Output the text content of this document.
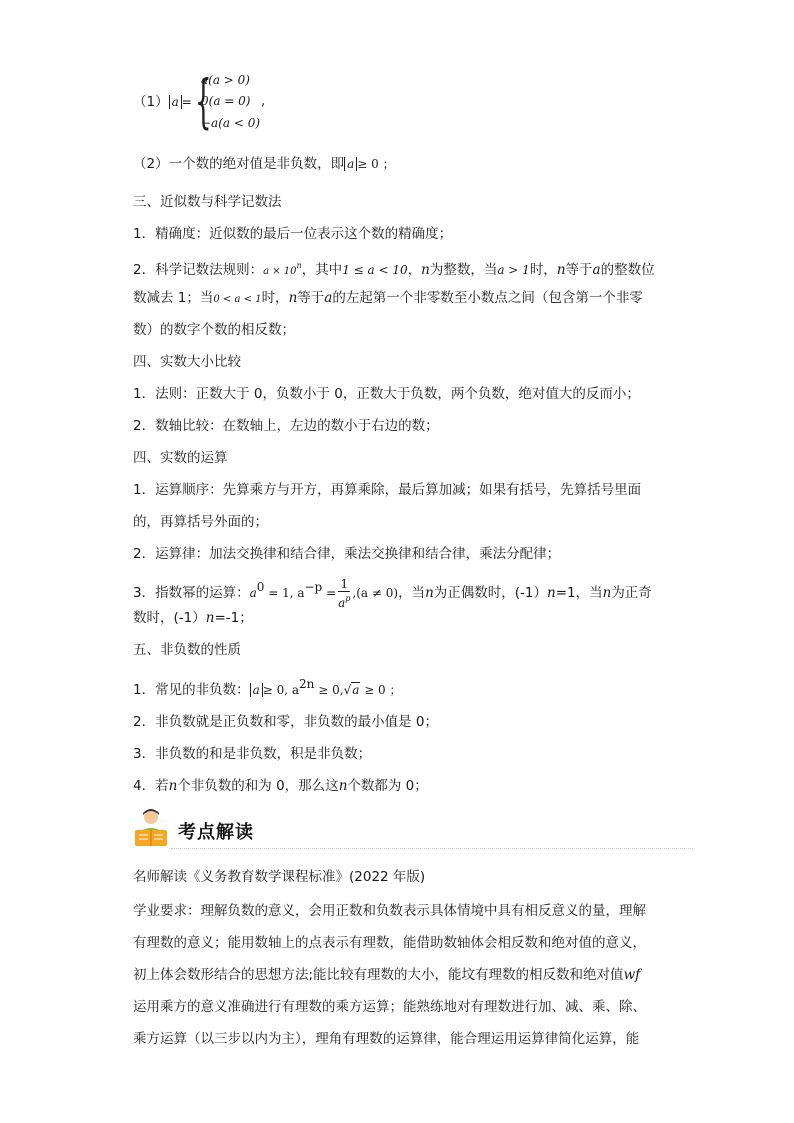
（1） a = {
a(a > 0)
0(a = 0)
−a(a < 0)
,
（2）一个数的绝对值是非负数，即 a ≥ 0 ；
三、近似数与科学记数法
1．精确度：近似数的最后一位表示这个数的精确度；
2．科学记数法规则：$a \times 10^n$，其中1 ≤ a < 10，n为整数，当a > 1时，n等于a的整数位
数减去 1；当0 < a < 1时，n等于a的左起第一个非零数至小数点之间（包含第一个非零
数）的数字个数的相反数；
四、实数大小比较
1．法则：正数大于 0，负数小于 0，正数大于负数，两个负数，绝对值大的反而小；
2．数轴比较：在数轴上，左边的数小于右边的数；
四、实数的运算
1．运算顺序：先算乘方与开方，再算乘除，最后算加减；如果有括号，先算括号里面
的，再算括号外面的；
2．运算律：加法交换律和结合律，乘法交换律和结合律，乘法分配律；
3．指数幂的运算：$a^0 = 1$, $a^{-p} = \frac{1}{a^p} ,(a \ne 0)$，当n为正偶数时，(-1）n=1，当n为正奇
数时，(-1）n=-1；
五、非负数的性质
1．常见的非负数： a ≥ 0, $a^{2n} \ge 0,√a \ge 0$ ；
2．非负数就是正负数和零，非负数的最小值是 0；
3．非负数的和是非负数，积是非负数；
4．若n个非负数的和为 0，那么这n个数都为 0；
考点解读
名师解读《义务教育数学课程标准》(2022 年版)
学业要求：理解负数的意义，会用正数和负数表示具体情境中具有相反意义的量，理解
有理数的意义；能用数轴上的点表示有理数，能借助数轴体会相反数和绝对值的意义，
初上体会数形结合的思想方法;能比较有理数的大小，能坟有理数的相反数和绝对值wf
运用乘方的意义准确进行有理数的乘方运算；能熟练地对有理数进行加、减、乘、除、
乘方运算（以三步以内为主），理角有理数的运算律，能合理运用运算律简化运算，能
